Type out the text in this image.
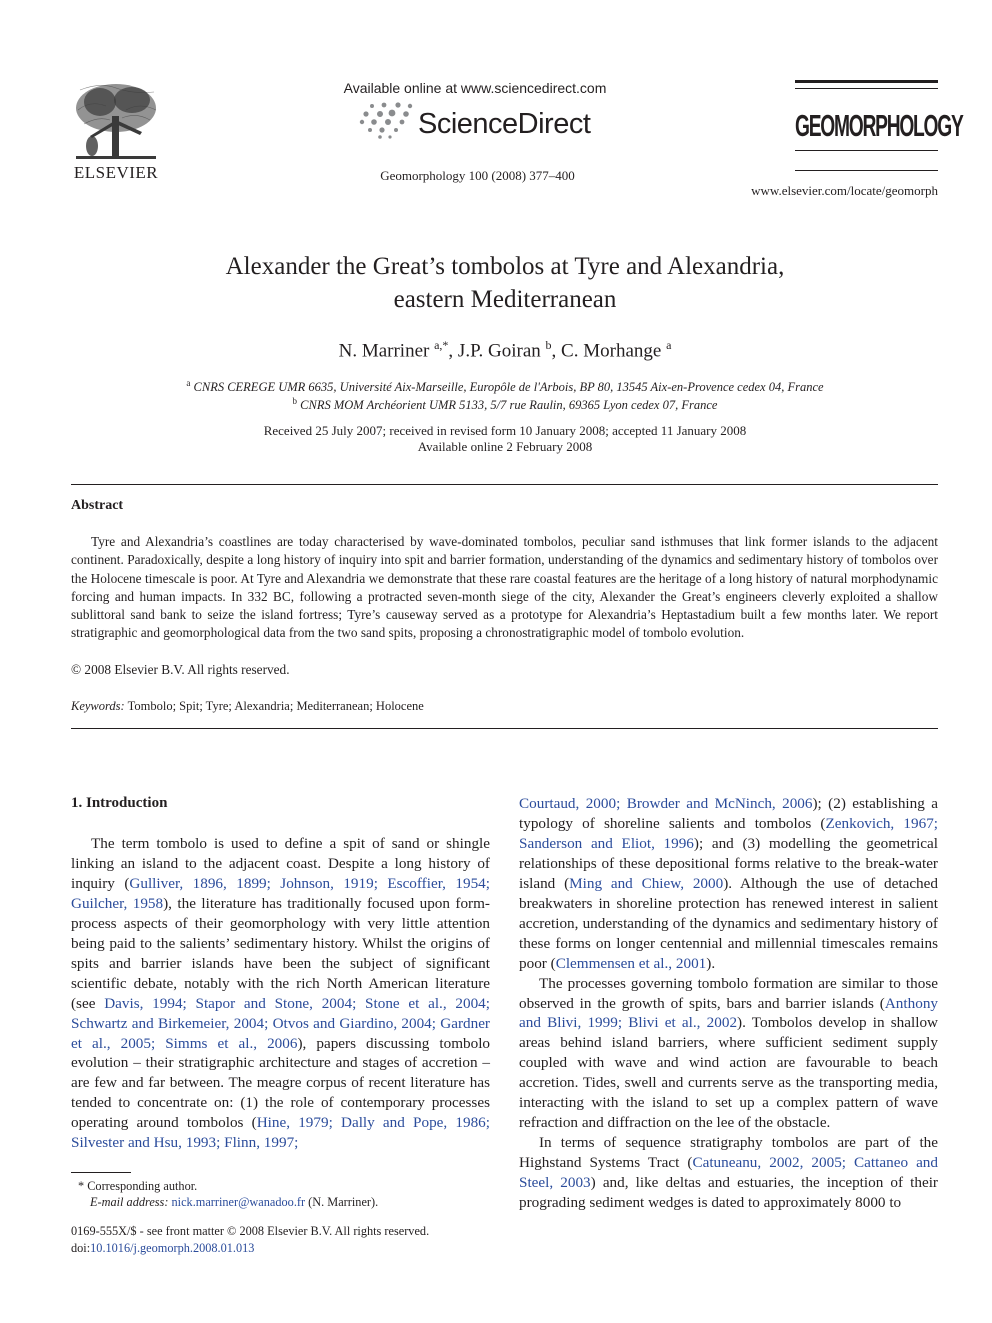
ELSEVIER
Available online at www.sciencedirect.com
ScienceDirect
Geomorphology 100 (2008) 377–400
GEOMORPHOLOGY
www.elsevier.com/locate/geomorph
Alexander the Great’s tombolos at Tyre and Alexandria,
eastern Mediterranean
N. Marriner $^{a,*}$, J.P. Goiran $^b$, C. Morhange $^a$
$^a$ CNRS CEREGE UMR 6635, Université Aix-Marseille, Europôle de l'Arbois, BP 80, 13545 Aix-en-Provence cedex 04, France
$^b$ CNRS MOM Archéorient UMR 5133, 5/7 rue Raulin, 69365 Lyon cedex 07, France
Received 25 July 2007; received in revised form 10 January 2008; accepted 11 January 2008
Available online 2 February 2008
Abstract

Tyre and Alexandria’s coastlines are today characterised by wave-dominated tombolos, peculiar sand isthmuses that link former islands to the adjacent continent. Paradoxically, despite a long history of inquiry into spit and barrier formation, understanding of the dynamics and sedimentary history of tombolos over the Holocene timescale is poor. At Tyre and Alexandria we demonstrate that these rare coastal features are the heritage of a long history of natural morphodynamic forcing and human impacts. In 332 BC, following a protracted seven-month siege of the city, Alexander the Great’s engineers cleverly exploited a shallow sublittoral sand bank to seize the island fortress; Tyre’s causeway served as a prototype for Alexandria’s Heptastadium built a few months later. We report stratigraphic and geomorphological data from the two sand spits, proposing a chronostratigraphic model of tombolo evolution.

© 2008 Elsevier B.V. All rights reserved.
Keywords: Tombolo; Spit; Tyre; Alexandria; Mediterranean; Holocene
1. Introduction

The term tombolo is used to define a spit of sand or shingle linking an island to the adjacent coast. Despite a long history of inquiry (Gulliver, 1896, 1899; Johnson, 1919; Escoffier, 1954; Guilcher, 1958), the literature has traditionally focused upon form-process aspects of their geomorphology with very little attention being paid to the salients’ sedimentary history. Whilst the origins of spits and barrier islands have been the subject of significant scientific debate, notably with the rich North American literature (see Davis, 1994; Stapor and Stone, 2004; Stone et al., 2004; Schwartz and Birkemeier, 2004; Otvos and Giardino, 2004; Gardner et al., 2005; Simms et al., 2006), papers discussing tombolo evolution – their stratigraphic architecture and stages of accretion – are few and far between. The meagre corpus of recent literature has tended to concentrate on: (1) the role of contemporary processes operating around tombolos (Hine, 1979; Dally and Pope, 1986; Silvester and Hsu, 1993; Flinn, 1997;

Courtaud, 2000; Browder and McNinch, 2006); (2) establishing a typology of shoreline salients and tombolos (Zenkovich, 1967; Sanderson and Eliot, 1996); and (3) modelling the geometrical relationships of these depositional forms relative to the break-water island (Ming and Chiew, 2000). Although the use of detached breakwaters in shoreline protection has renewed interest in salient accretion, understanding of the dynamics and sedimentary history of these forms on longer centennial and millennial timescales remains poor (Clemmensen et al., 2001).

The processes governing tombolo formation are similar to those observed in the growth of spits, bars and barrier islands (Anthony and Blivi, 1999; Blivi et al., 2002). Tombolos develop in shallow areas behind island barriers, where sufficient sediment supply coupled with wave and wind action are favourable to beach accretion. Tides, swell and currents serve as the transporting media, interacting with the island to set up a complex pattern of wave refraction and diffraction on the lee of the obstacle.

In terms of sequence stratigraphy tombolos are part of the Highstand Systems Tract (Catuneanu, 2002, 2005; Cattaneo and Steel, 2003) and, like deltas and estuaries, the inception of their prograding sediment wedges is dated to approximately 8000 to

* Corresponding author.
E-mail address: nick.marriner@wanadoo.fr (N. Marriner).
0169-555X/$ - see front matter © 2008 Elsevier B.V. All rights reserved.
doi:10.1016/j.geomorph.2008.01.013
